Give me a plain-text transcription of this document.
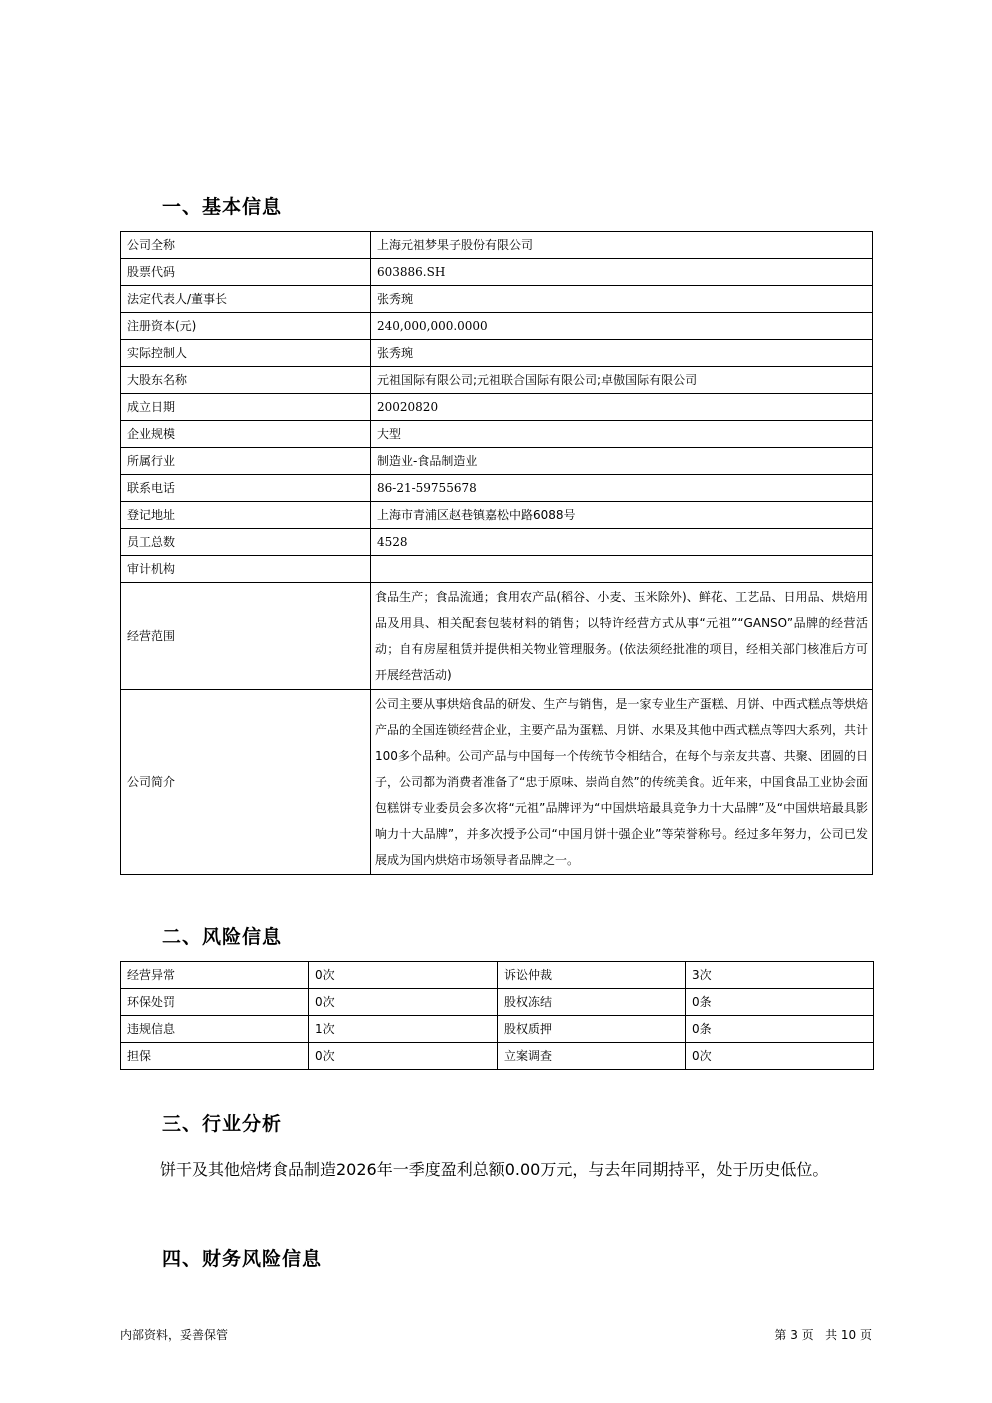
一、基本信息
公司全称	上海元祖梦果子股份有限公司
股票代码	603886.SH
法定代表人/董事长	张秀琬
注册资本(元)	240,000,000.0000
实际控制人	张秀琬
大股东名称	元祖国际有限公司;元祖联合国际有限公司;卓傲国际有限公司
成立日期	20020820
企业规模	大型
所属行业	制造业-食品制造业
联系电话	86-21-59755678
登记地址	上海市青浦区赵巷镇嘉松中路6088号
员工总数	4528
审计机构	
经营范围	食品生产；食品流通；食用农产品(稻谷、小麦、玉米除外)、鲜花、工艺品、日用品、烘焙用品及用具、相关配套包装材料的销售；以特许经营方式从事“元祖”“GANSO”品牌的经营活动；自有房屋租赁并提供相关物业管理服务。(依法须经批准的项目，经相关部门核准后方可开展经营活动)
公司简介	公司主要从事烘焙食品的研发、生产与销售，是一家专业生产蛋糕、月饼、中西式糕点等烘焙产品的全国连锁经营企业，主要产品为蛋糕、月饼、水果及其他中西式糕点等四大系列，共计100多个品种。公司产品与中国每一个传统节令相结合，在每个与亲友共喜、共聚、团圆的日子，公司都为消费者准备了“忠于原味、崇尚自然”的传统美食。近年来，中国食品工业协会面包糕饼专业委员会多次将“元祖”品牌评为“中国烘培最具竞争力十大品牌”及“中国烘培最具影响力十大品牌”，并多次授予公司“中国月饼十强企业”等荣誉称号。经过多年努力，公司已发展成为国内烘焙市场领导者品牌之一。
二、风险信息
经营异常	0次	诉讼仲裁	3次
环保处罚	0次	股权冻结	0条
违规信息	1次	股权质押	0条
担保	0次	立案调查	0次
三、行业分析

饼干及其他焙烤食品制造2026年一季度盈利总额0.00万元，与去年同期持平，处于历史低位。

四、财务风险信息
内部资料，妥善保管	第 3 页   共 10 页
